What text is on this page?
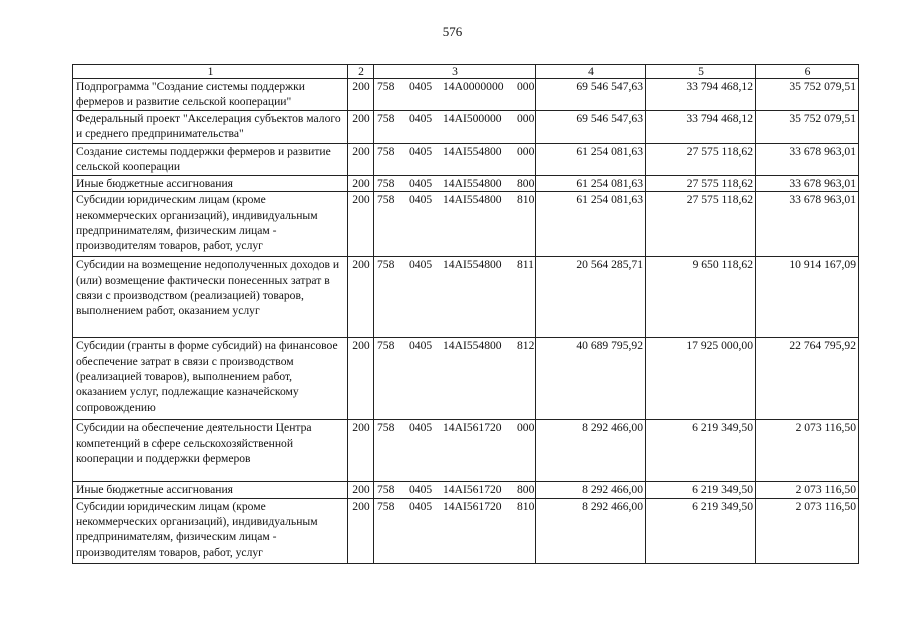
576
1	2	3	4	5	6
Подпрограмма "Создание системы поддержки фермеров и развитие сельской кооперации"	200	758 0405 14А0000000 000	69 546 547,63	33 794 468,12	35 752 079,51
Федеральный проект "Акселерация субъектов малого и среднего предпринимательства"	200	758 0405 14AI500000 000	69 546 547,63	33 794 468,12	35 752 079,51
Создание системы поддержки фермеров и развитие сельской кооперации	200	758 0405 14AI554800 000	61 254 081,63	27 575 118,62	33 678 963,01
Иные бюджетные ассигнования	200	758 0405 14AI554800 800	61 254 081,63	27 575 118,62	33 678 963,01
Субсидии юридическим лицам (кроме некоммерческих организаций), индивидуальным предпринимателям, физическим лицам - производителям товаров, работ, услуг	200	758 0405 14AI554800 810	61 254 081,63	27 575 118,62	33 678 963,01
Субсидии на возмещение недополученных доходов и (или) возмещение фактически понесенных затрат в связи с производством (реализацией) товаров, выполнением работ, оказанием услуг	200	758 0405 14AI554800 811	20 564 285,71	9 650 118,62	10 914 167,09
Субсидии (гранты в форме субсидий) на финансовое обеспечение затрат в связи с производством (реализацией товаров), выполнением работ, оказанием услуг, подлежащие казначейскому сопровождению	200	758 0405 14AI554800 812	40 689 795,92	17 925 000,00	22 764 795,92
Субсидии на обеспечение деятельности Центра компетенций в сфере сельскохозяйственной кооперации и поддержки фермеров	200	758 0405 14AI561720 000	8 292 466,00	6 219 349,50	2 073 116,50
Иные бюджетные ассигнования	200	758 0405 14AI561720 800	8 292 466,00	6 219 349,50	2 073 116,50
Субсидии юридическим лицам (кроме некоммерческих организаций), индивидуальным предпринимателям, физическим лицам - производителям товаров, работ, услуг	200	758 0405 14AI561720 810	8 292 466,00	6 219 349,50	2 073 116,50
